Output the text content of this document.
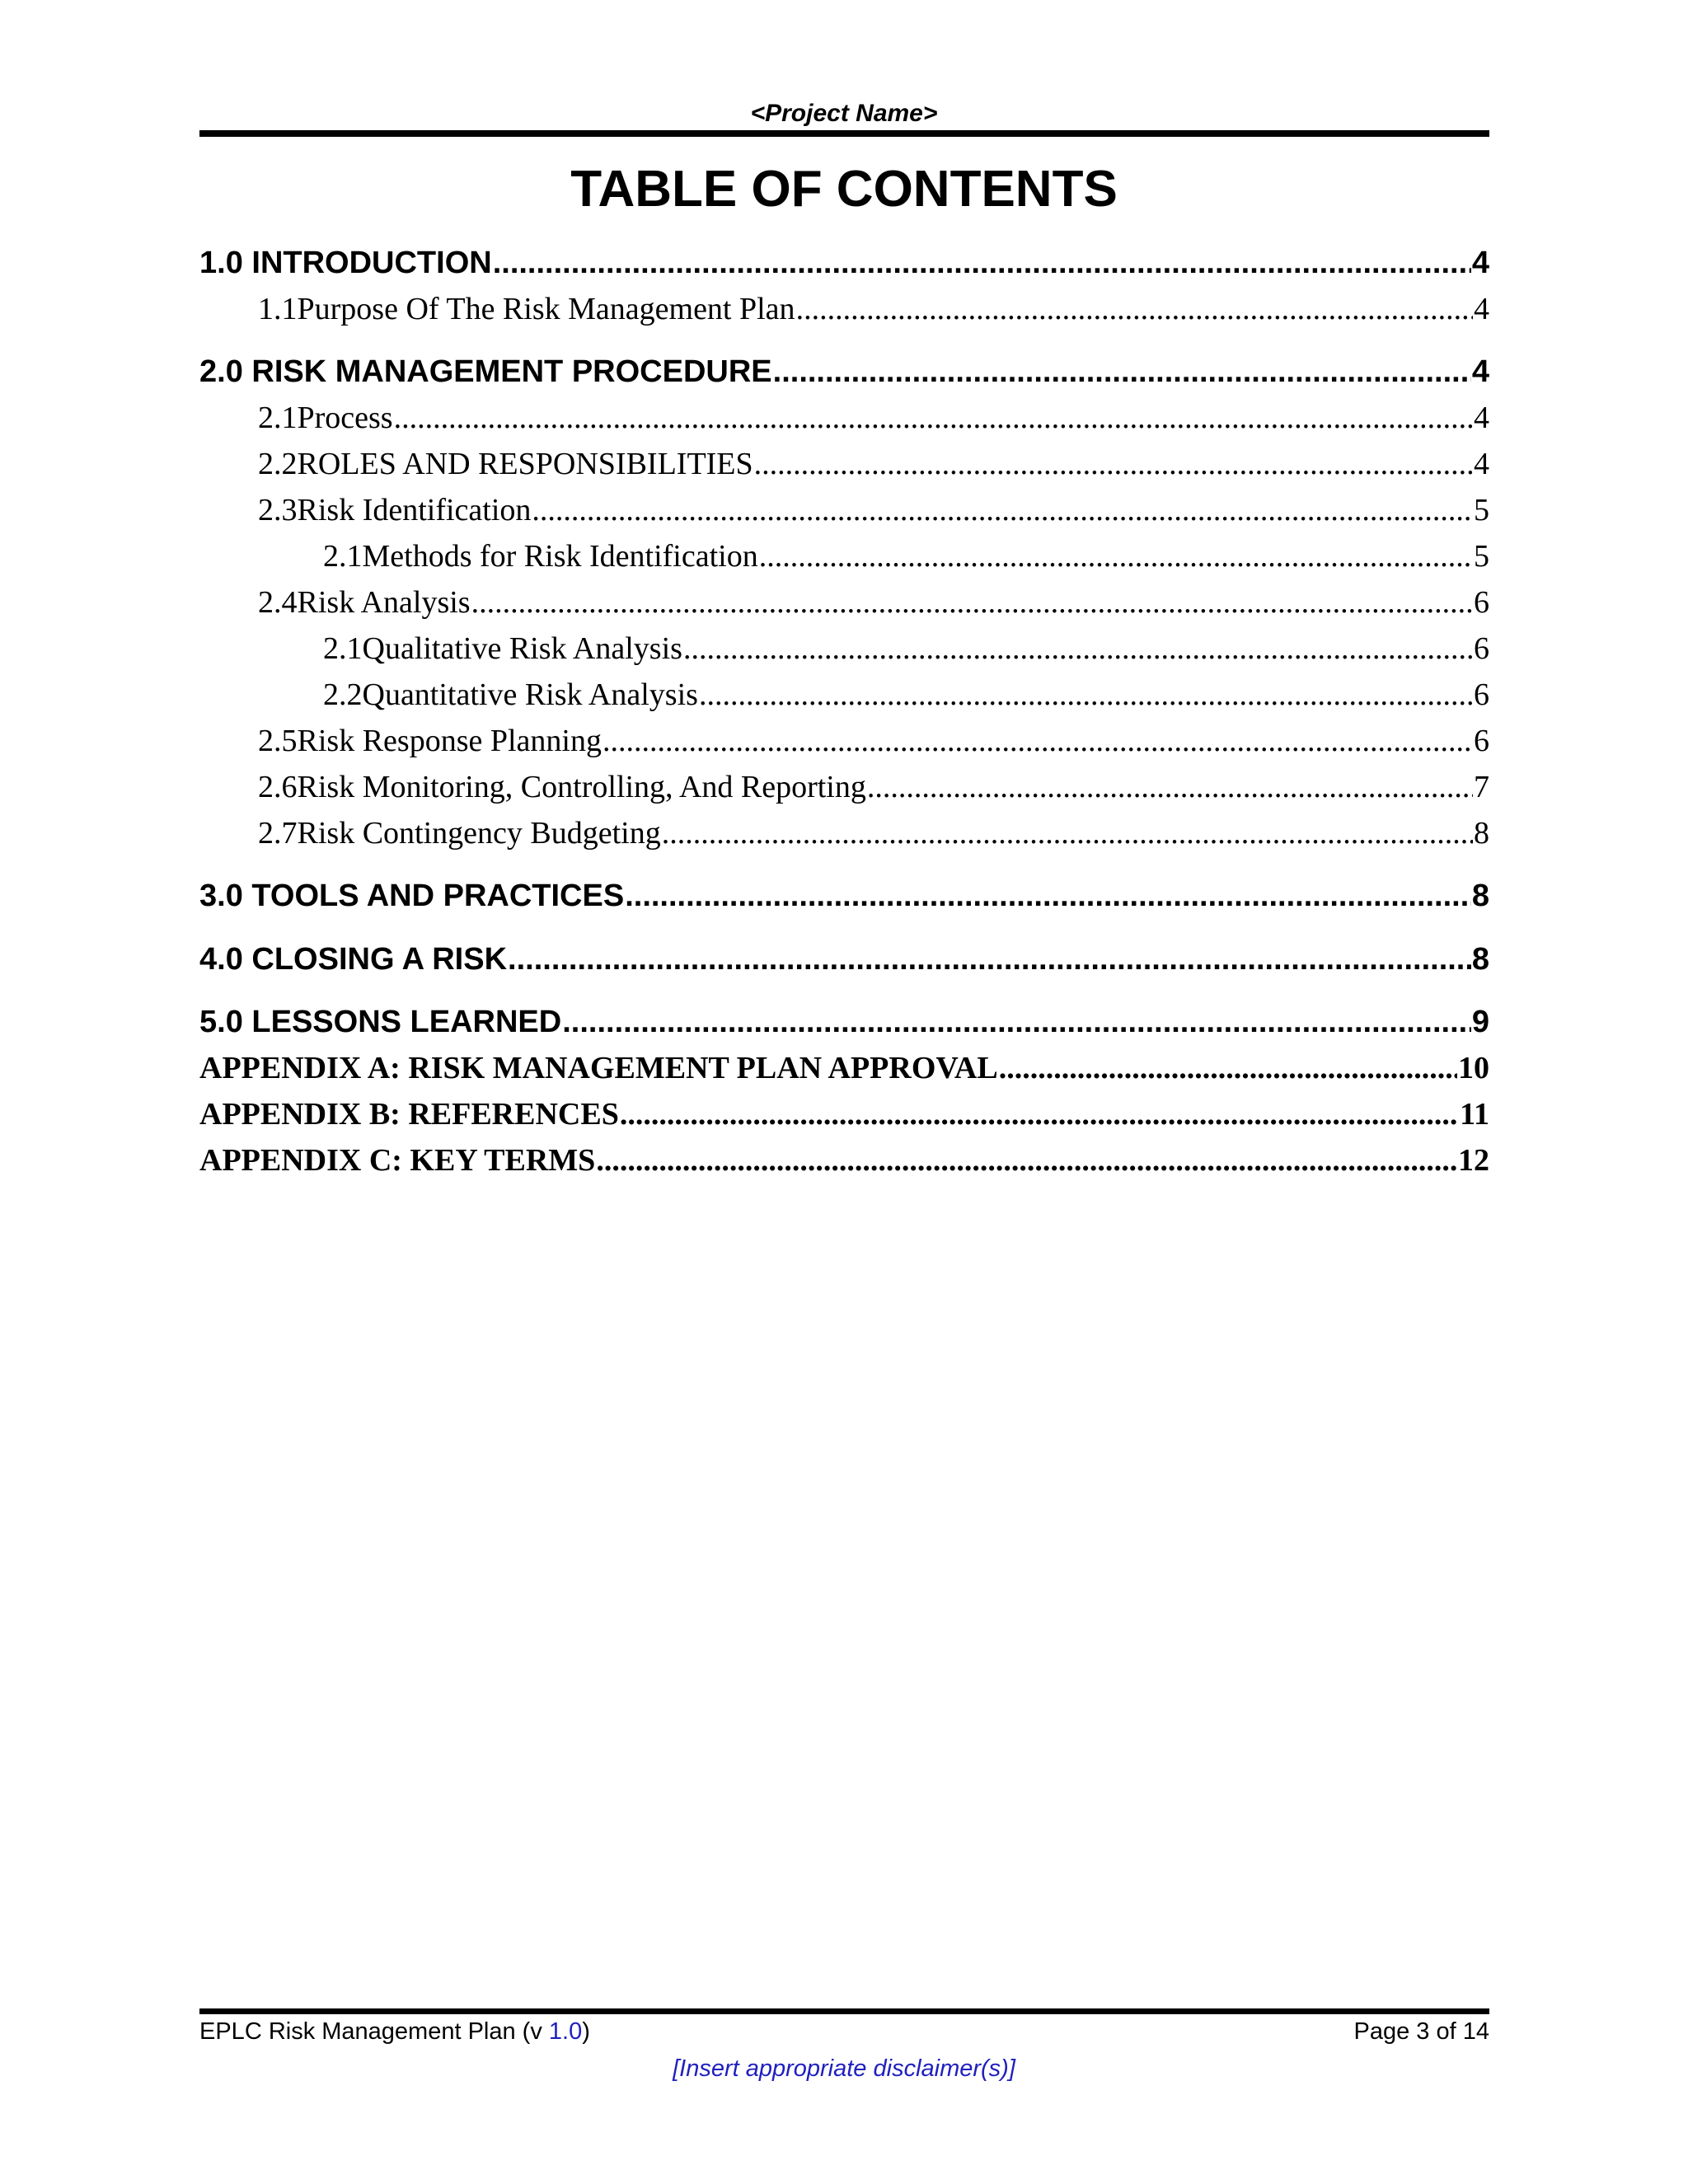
<Project Name>
TABLE OF CONTENTS
1.0 INTRODUCTION .....	4
1.1Purpose Of The Risk Management Plan .....	4
2.0 RISK MANAGEMENT PROCEDURE .....	4
2.1Process .....	4
2.2ROLES AND RESPONSIBILITIES .....	4
2.3Risk Identification .....	5
2.1Methods for Risk Identification .....	5
2.4Risk Analysis .....	6
2.1Qualitative Risk Analysis .....	6
2.2Quantitative Risk Analysis .....	6
2.5Risk Response Planning .....	6
2.6Risk Monitoring, Controlling, And Reporting .....	7
2.7Risk Contingency Budgeting .....	8
3.0 TOOLS AND PRACTICES .....	8
4.0 CLOSING A RISK .....	8
5.0 LESSONS LEARNED .....	9
APPENDIX A: RISK MANAGEMENT PLAN APPROVAL .....	10
APPENDIX B: REFERENCES .....	11
APPENDIX C: KEY TERMS .....	12
EPLC Risk Management Plan (v 1.0)	Page 3 of 14
[Insert appropriate disclaimer(s)]
